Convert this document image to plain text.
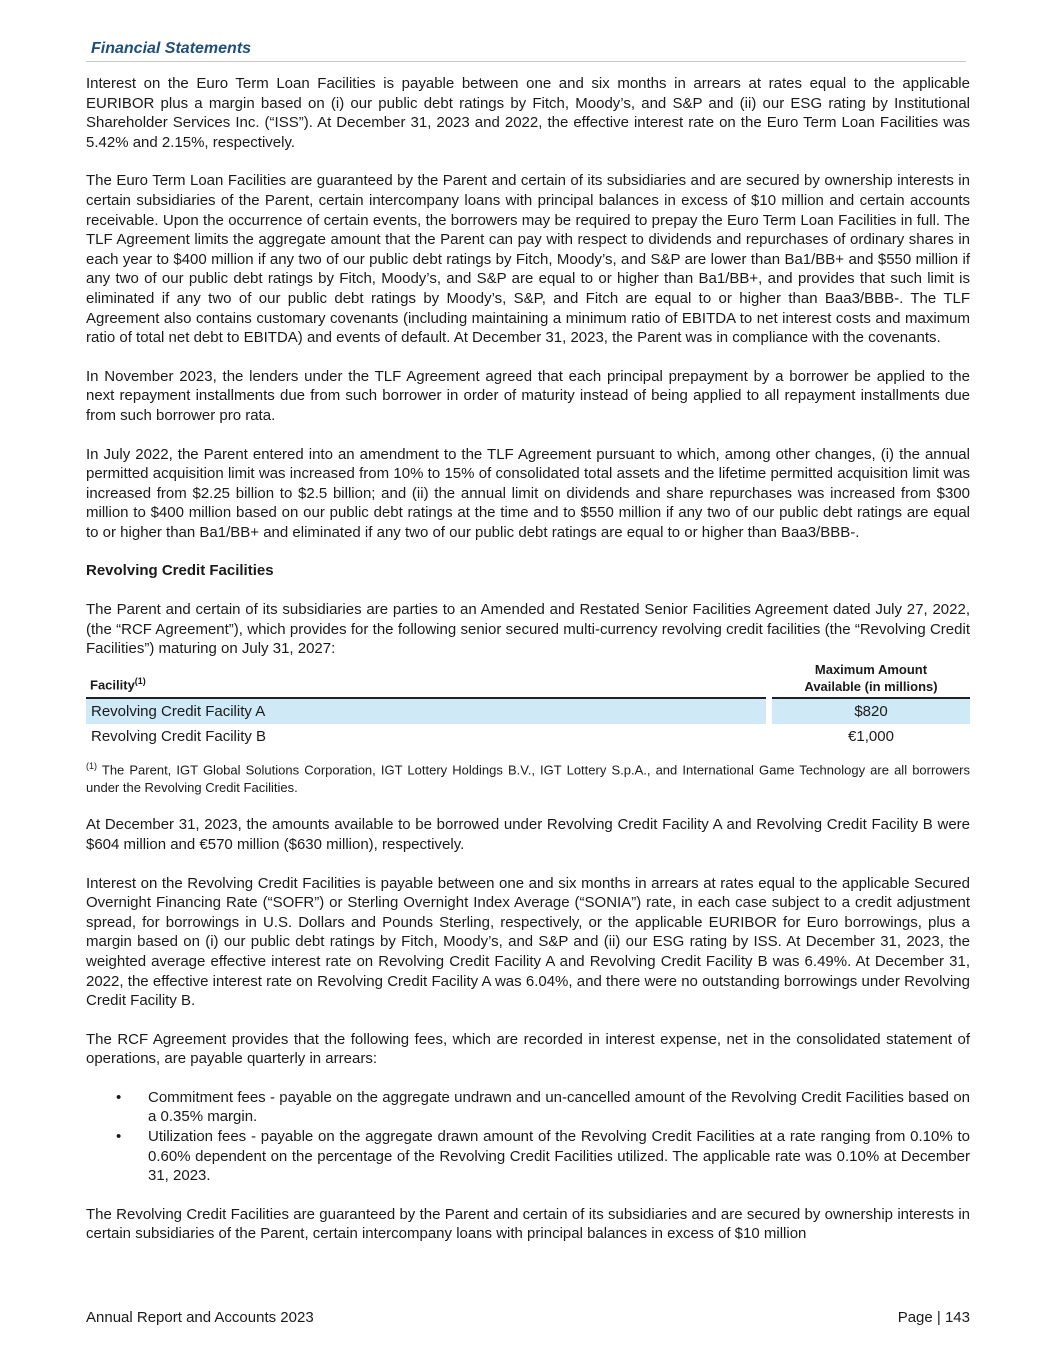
Financial Statements

Interest on the Euro Term Loan Facilities is payable between one and six months in arrears at rates equal to the applicable EURIBOR plus a margin based on (i) our public debt ratings by Fitch, Moody’s, and S&P and (ii) our ESG rating by Institutional Shareholder Services Inc. (“ISS”). At December 31, 2023 and 2022, the effective interest rate on the Euro Term Loan Facilities was 5.42% and 2.15%, respectively.

The Euro Term Loan Facilities are guaranteed by the Parent and certain of its subsidiaries and are secured by ownership interests in certain subsidiaries of the Parent, certain intercompany loans with principal balances in excess of $10 million and certain accounts receivable. Upon the occurrence of certain events, the borrowers may be required to prepay the Euro Term Loan Facilities in full. The TLF Agreement limits the aggregate amount that the Parent can pay with respect to dividends and repurchases of ordinary shares in each year to $400 million if any two of our public debt ratings by Fitch, Moody’s, and S&P are lower than Ba1/BB+ and $550 million if any two of our public debt ratings by Fitch, Moody’s, and S&P are equal to or higher than Ba1/BB+, and provides that such limit is eliminated if any two of our public debt ratings by Moody’s, S&P, and Fitch are equal to or higher than Baa3/BBB-. The TLF Agreement also contains customary covenants (including maintaining a minimum ratio of EBITDA to net interest costs and maximum ratio of total net debt to EBITDA) and events of default. At December 31, 2023, the Parent was in compliance with the covenants.

In November 2023, the lenders under the TLF Agreement agreed that each principal prepayment by a borrower be applied to the next repayment installments due from such borrower in order of maturity instead of being applied to all repayment installments due from such borrower pro rata.

In July 2022, the Parent entered into an amendment to the TLF Agreement pursuant to which, among other changes, (i) the annual permitted acquisition limit was increased from 10% to 15% of consolidated total assets and the lifetime permitted acquisition limit was increased from $2.25 billion to $2.5 billion; and (ii) the annual limit on dividends and share repurchases was increased from $300 million to $400 million based on our public debt ratings at the time and to $550 million if any two of our public debt ratings are equal to or higher than Ba1/BB+ and eliminated if any two of our public debt ratings are equal to or higher than Baa3/BBB-.

Revolving Credit Facilities

The Parent and certain of its subsidiaries are parties to an Amended and Restated Senior Facilities Agreement dated July 27, 2022, (the “RCF Agreement”), which provides for the following senior secured multi-currency revolving credit facilities (the “Revolving Credit Facilities”) maturing on July 31, 2027:

Facility$^{(1)}$		Maximum Amount
Available (in millions)
Revolving Credit Facility A		$820
Revolving Credit Facility B		€1,000
$^{(1)}$ The Parent, IGT Global Solutions Corporation, IGT Lottery Holdings B.V., IGT Lottery S.p.A., and International Game Technology are all borrowers under the Revolving Credit Facilities.

At December 31, 2023, the amounts available to be borrowed under Revolving Credit Facility A and Revolving Credit Facility B were $604 million and €570 million ($630 million), respectively.

Interest on the Revolving Credit Facilities is payable between one and six months in arrears at rates equal to the applicable Secured Overnight Financing Rate (“SOFR”) or Sterling Overnight Index Average (“SONIA”) rate, in each case subject to a credit adjustment spread, for borrowings in U.S. Dollars and Pounds Sterling, respectively, or the applicable EURIBOR for Euro borrowings, plus a margin based on (i) our public debt ratings by Fitch, Moody’s, and S&P and (ii) our ESG rating by ISS. At December 31, 2023, the weighted average effective interest rate on Revolving Credit Facility A and Revolving Credit Facility B was 6.49%. At December 31, 2022, the effective interest rate on Revolving Credit Facility A was 6.04%, and there were no outstanding borrowings under Revolving Credit Facility B.

The RCF Agreement provides that the following fees, which are recorded in interest expense, net in the consolidated statement of operations, are payable quarterly in arrears:

• Commitment fees - payable on the aggregate undrawn and un-cancelled amount of the Revolving Credit Facilities based on a 0.35% margin.
• Utilization fees - payable on the aggregate drawn amount of the Revolving Credit Facilities at a rate ranging from 0.10% to 0.60% dependent on the percentage of the Revolving Credit Facilities utilized. The applicable rate was 0.10% at December 31, 2023.

The Revolving Credit Facilities are guaranteed by the Parent and certain of its subsidiaries and are secured by ownership interests in certain subsidiaries of the Parent, certain intercompany loans with principal balances in excess of $10 million

Annual Report and Accounts 2023	Page | 143
